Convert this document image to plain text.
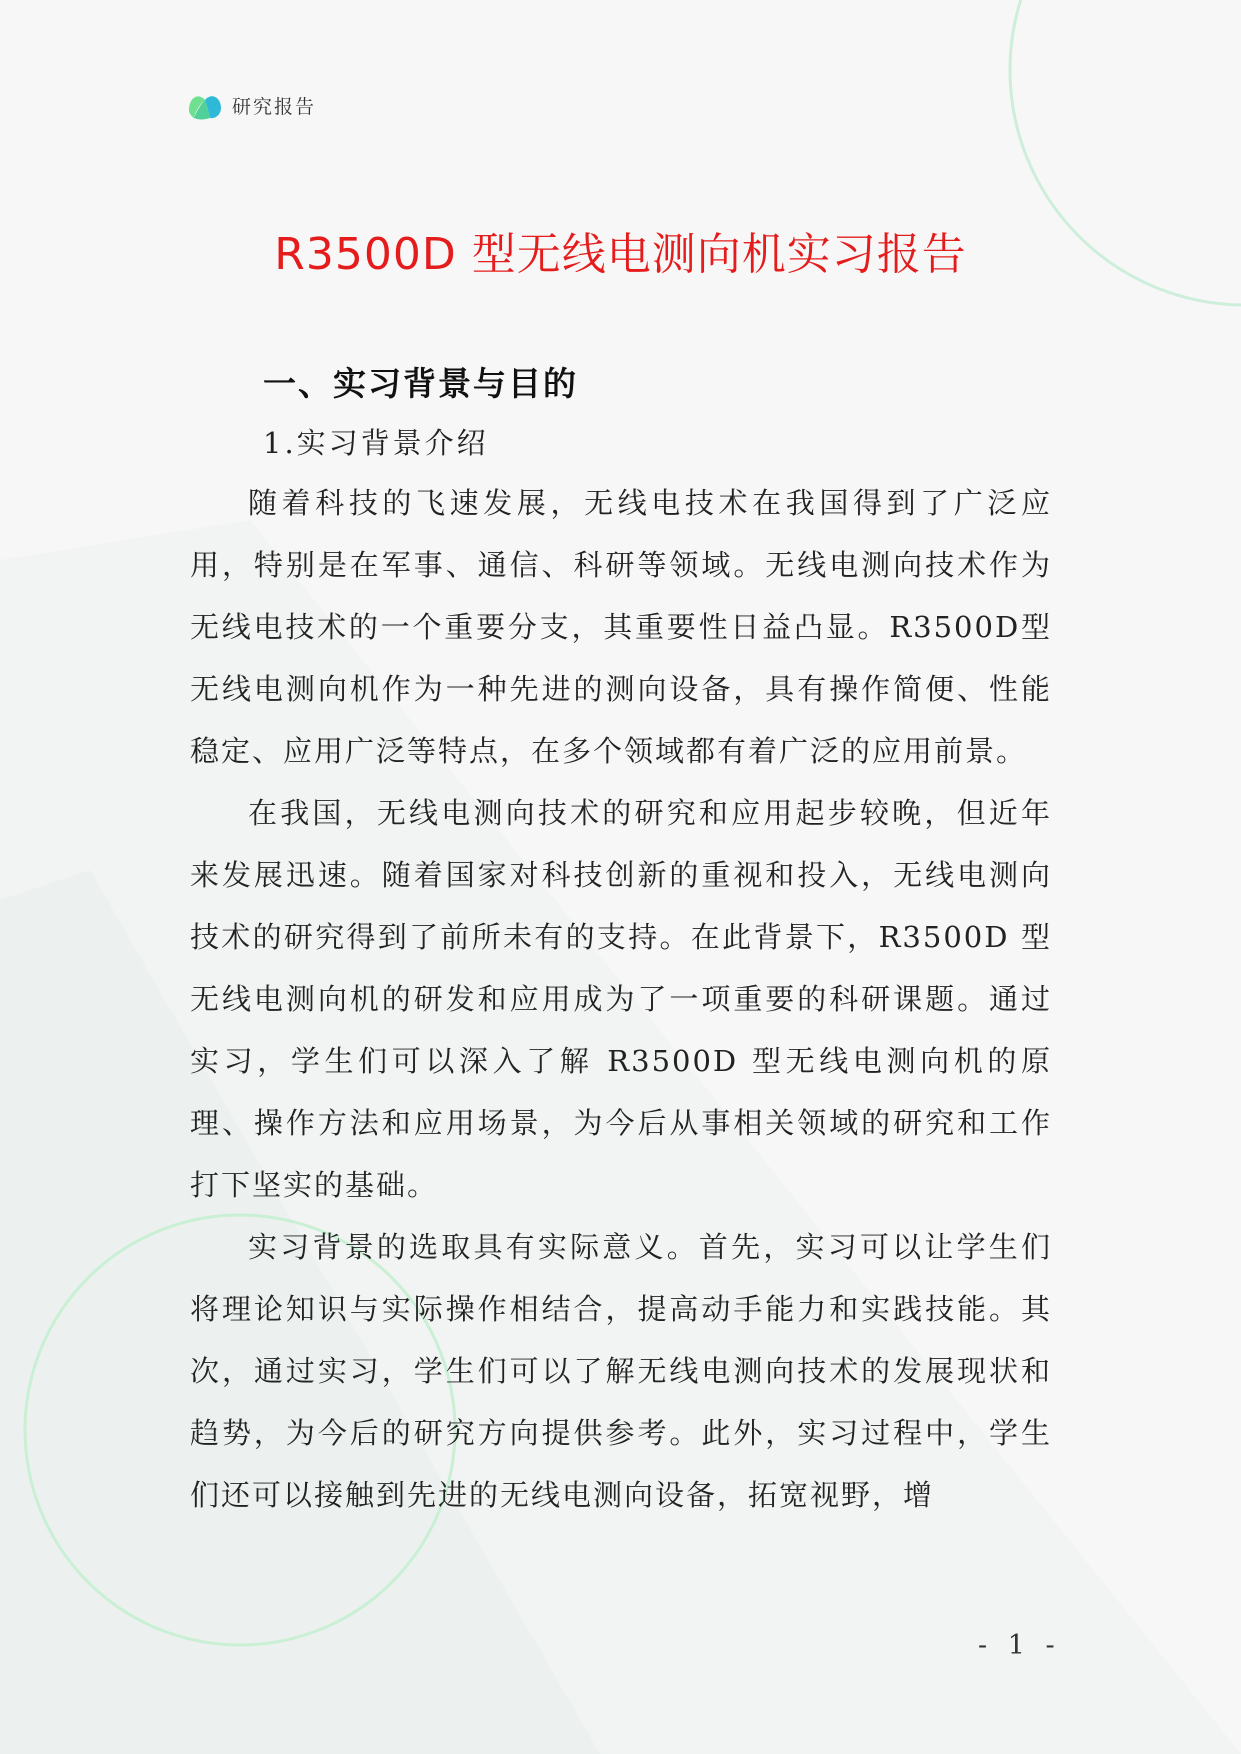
研究报告
R3500D 型无线电测向机实习报告
一、实习背景与目的
1.实习背景介绍

随着科技的飞速发展，无线电技术在我国得到了广泛应用，特别是在军事、通信、科研等领域。无线电测向技术作为无线电技术的一个重要分支，其重要性日益凸显。R3500D型无线电测向机作为一种先进的测向设备，具有操作简便、性能稳定、应用广泛等特点，在多个领域都有着广泛的应用前景。

在我国，无线电测向技术的研究和应用起步较晚，但近年来发展迅速。随着国家对科技创新的重视和投入，无线电测向技术的研究得到了前所未有的支持。在此背景下，R3500D 型无线电测向机的研发和应用成为了一项重要的科研课题。通过实习，学生们可以深入了解 R3500D 型无线电测向机的原理、操作方法和应用场景，为今后从事相关领域的研究和工作打下坚实的基础。

实习背景的选取具有实际意义。首先，实习可以让学生们将理论知识与实际操作相结合，提高动手能力和实践技能。其次，通过实习，学生们可以了解无线电测向技术的发展现状和趋势，为今后的研究方向提供参考。此外，实习过程中，学生们还可以接触到先进的无线电测向设备，拓宽视野，增

- 1 -
